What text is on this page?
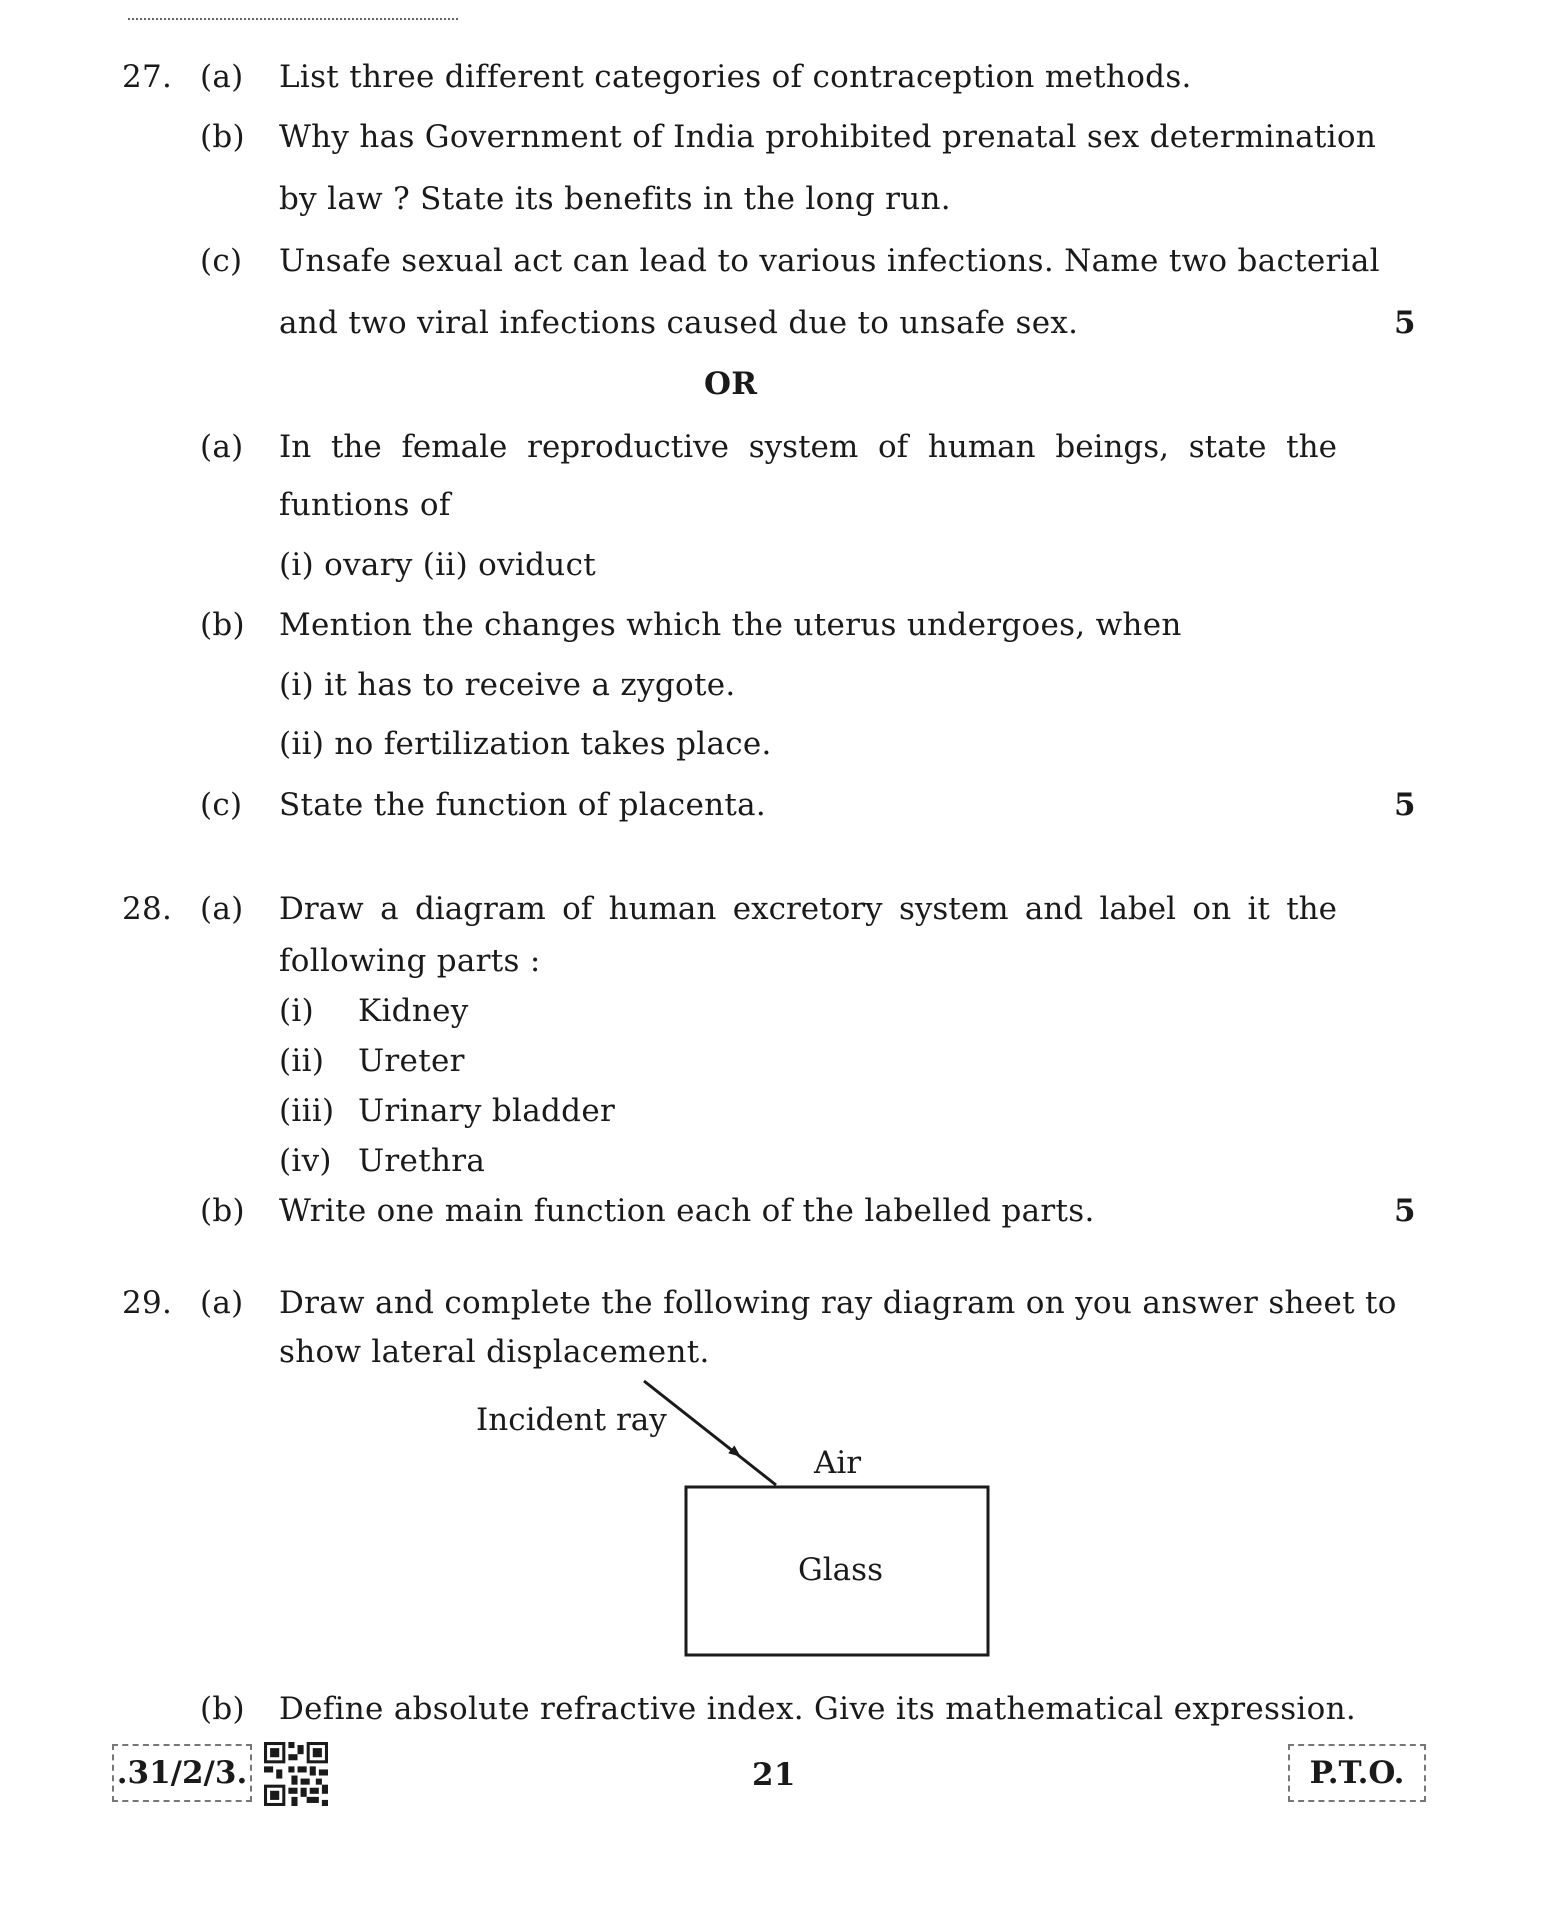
27. (a) List three different categories of contraception methods.
(b) Why has Government of India prohibited prenatal sex determination
by law ? State its benefits in the long run.
(c) Unsafe sexual act can lead to various infections. Name two bacterial
and two viral infections caused due to unsafe sex.	5
OR
(a) In the female reproductive system of human beings, state the
funtions of
(i) ovary (ii) oviduct
(b) Mention the changes which the uterus undergoes, when
(i) it has to receive a zygote.
(ii) no fertilization takes place.
(c) State the function of placenta.	5
28. (a) Draw a diagram of human excretory system and label on it the
following parts :
(i) Kidney
(ii) Ureter
(iii) Urinary bladder
(iv) Urethra
(b) Write one main function each of the labelled parts.	5
29. (a) Draw and complete the following ray diagram on you answer sheet to
show lateral displacement.
Incident ray
Air
Glass
(b) Define absolute refractive index. Give its mathematical expression.
.31/2/3.	21	P.T.O.
